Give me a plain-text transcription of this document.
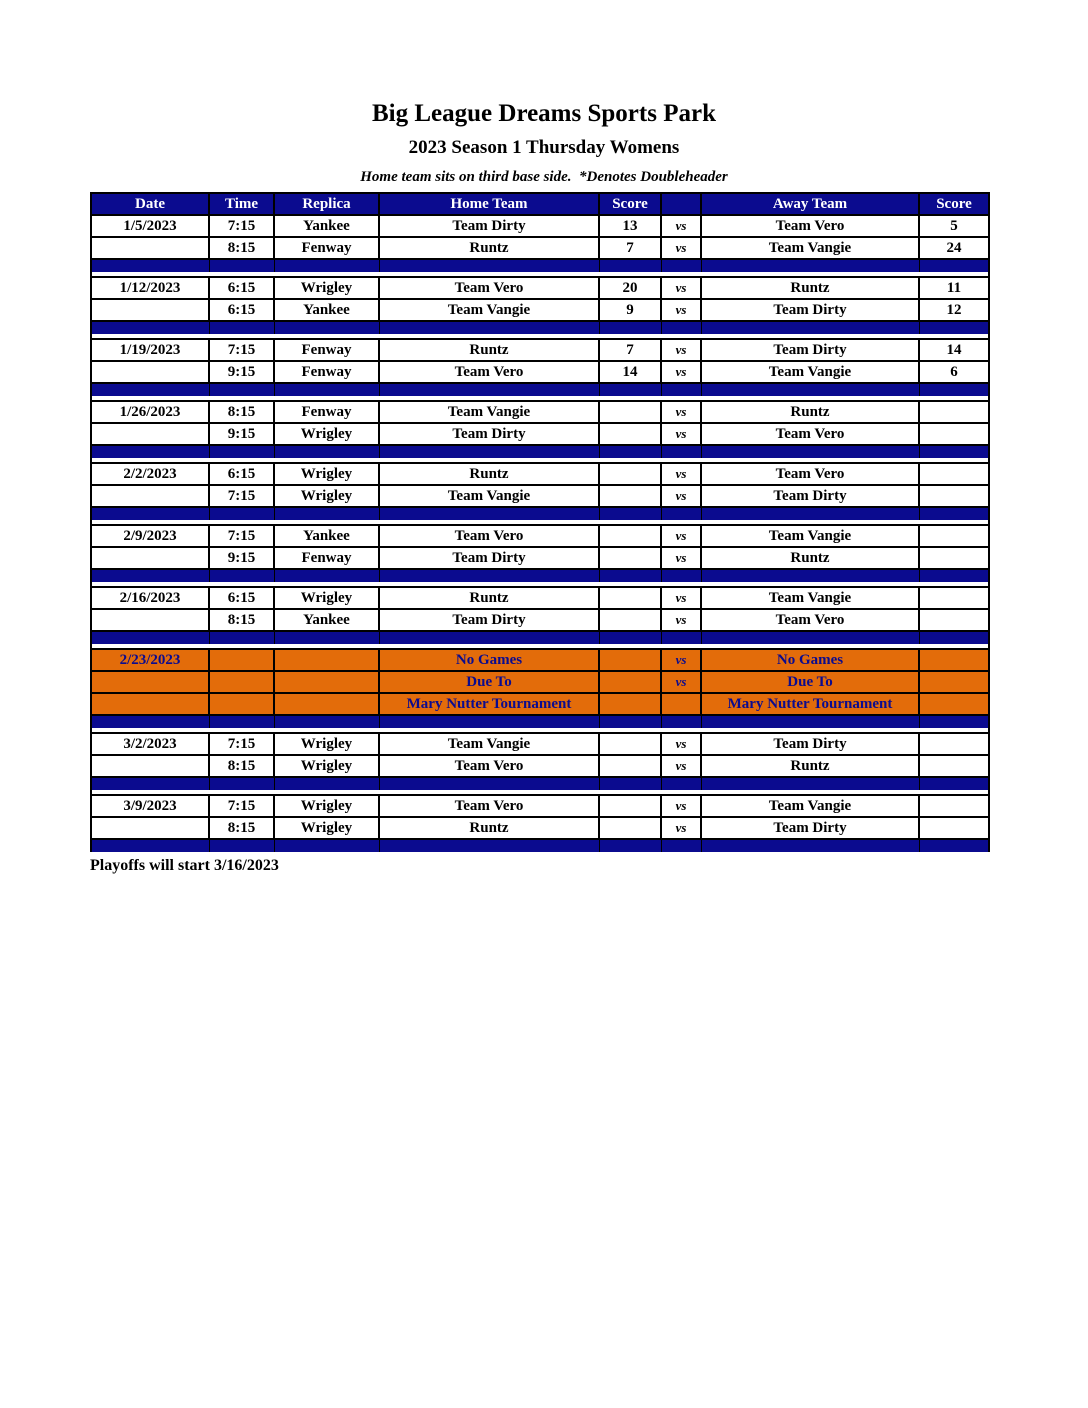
Big League Dreams Sports Park
2023 Season 1 Thursday Womens
Home team sits on third base side.  *Denotes Doubleheader
Date	Time	Replica	Home Team	Score		Away Team	Score
1/5/2023	7:15	Yankee	Team Dirty	13	vs	Team Vero	5
	8:15	Fenway	Runtz	7	vs	Team Vangie	24

1/12/2023	6:15	Wrigley	Team Vero	20	vs	Runtz	11
	6:15	Yankee	Team Vangie	9	vs	Team Dirty	12

1/19/2023	7:15	Fenway	Runtz	7	vs	Team Dirty	14
	9:15	Fenway	Team Vero	14	vs	Team Vangie	6

1/26/2023	8:15	Fenway	Team Vangie		vs	Runtz	
	9:15	Wrigley	Team Dirty		vs	Team Vero	

2/2/2023	6:15	Wrigley	Runtz		vs	Team Vero	
	7:15	Wrigley	Team Vangie		vs	Team Dirty	

2/9/2023	7:15	Yankee	Team Vero		vs	Team Vangie	
	9:15	Fenway	Team Dirty		vs	Runtz	

2/16/2023	6:15	Wrigley	Runtz		vs	Team Vangie	
	8:15	Yankee	Team Dirty		vs	Team Vero	

2/23/2023			No Games		vs	No Games	
			Due To		vs	Due To	
			Mary Nutter Tournament			Mary Nutter Tournament	

3/2/2023	7:15	Wrigley	Team Vangie		vs	Team Dirty	
	8:15	Wrigley	Team Vero		vs	Runtz	

3/9/2023	7:15	Wrigley	Team Vero		vs	Team Vangie	
	8:15	Wrigley	Runtz		vs	Team Dirty	

Playoffs will start 3/16/2023
